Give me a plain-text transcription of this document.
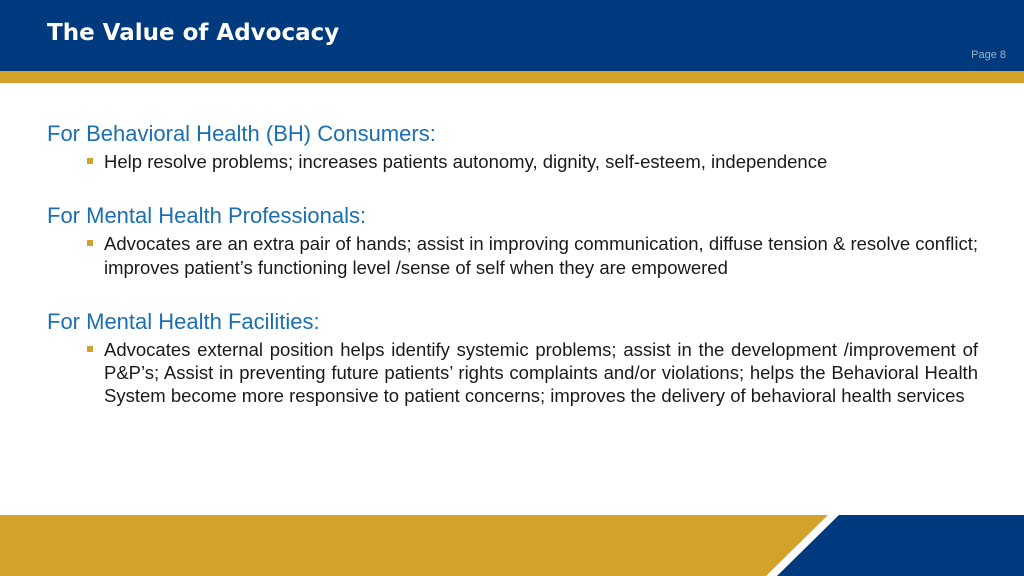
The Value of Advocacy
Page 8
For Behavioral Health (BH) Consumers:
Help resolve problems; increases patients autonomy, dignity, self-esteem, independence
For Mental Health Professionals:
Advocates are an extra pair of hands; assist in improving communication, diffuse tension & resolve conflict; improves patient’s functioning level /sense of self when they are empowered
For Mental Health Facilities:
Advocates external position helps identify systemic problems; assist in the development /improvement of P&P’s; Assist in preventing future patients’ rights complaints and/or violations; helps the Behavioral Health System become more responsive to patient concerns; improves the delivery of behavioral health services
